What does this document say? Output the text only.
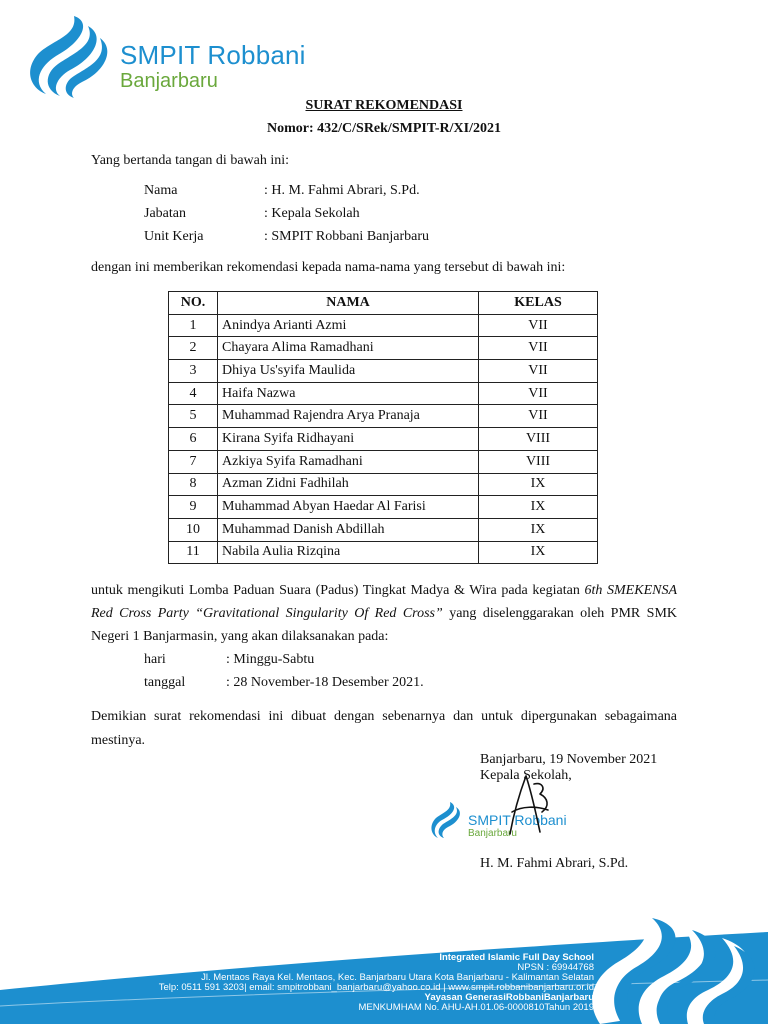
SMPIT Robbani
Banjarbaru
SURAT REKOMENDASI
Nomor: 432/C/SRek/SMPIT-R/XI/2021
Yang bertanda tangan di bawah ini:
Nama	: H. M. Fahmi Abrari, S.Pd.
Jabatan	: Kepala Sekolah
Unit Kerja	: SMPIT Robbani Banjarbaru
dengan ini memberikan rekomendasi kepada nama-nama yang tersebut di bawah ini:
NO.	NAMA	KELAS
1	Anindya Arianti Azmi	VII
2	Chayara Alima Ramadhani	VII
3	Dhiya Us'syifa Maulida	VII
4	Haifa Nazwa	VII
5	Muhammad Rajendra Arya Pranaja	VII
6	Kirana Syifa Ridhayani	VIII
7	Azkiya Syifa Ramadhani	VIII
8	Azman Zidni Fadhilah	IX
9	Muhammad Abyan Haedar Al Farisi	IX
10	Muhammad Danish Abdillah	IX
11	Nabila Aulia Rizqina	IX
untuk mengikuti Lomba Paduan Suara (Padus) Tingkat Madya & Wira pada kegiatan 6th SMEKENSA Red Cross Party “Gravitational Singularity Of Red Cross” yang diselenggarakan oleh PMR SMK Negeri 1 Banjarmasin, yang akan dilaksanakan pada:
hari	: Minggu-Sabtu
tanggal	: 28 November-18 Desember 2021.
Demikian surat rekomendasi ini dibuat dengan sebenarnya dan untuk dipergunakan sebagaimana mestinya.
Banjarbaru, 19 November 2021
Kepala Sekolah,
SMPIT Robbani
Banjarbaru
H. M. Fahmi Abrari, S.Pd.
Integrated Islamic Full Day School
NPSN : 69944768
Jl. Mentaos Raya Kel. Mentaos, Kec. Banjarbaru Utara Kota Banjarbaru - Kalimantan Selatan
Telp: 0511 591 3203| email: smpitrobbani_banjarbaru@yahoo.co.id | www.smpit.robbanibanjarbaru.or.id
Yayasan GenerasiRobbaniBanjarbaru
MENKUMHAM No. AHU-AH.01.06-0000810Tahun 2019
